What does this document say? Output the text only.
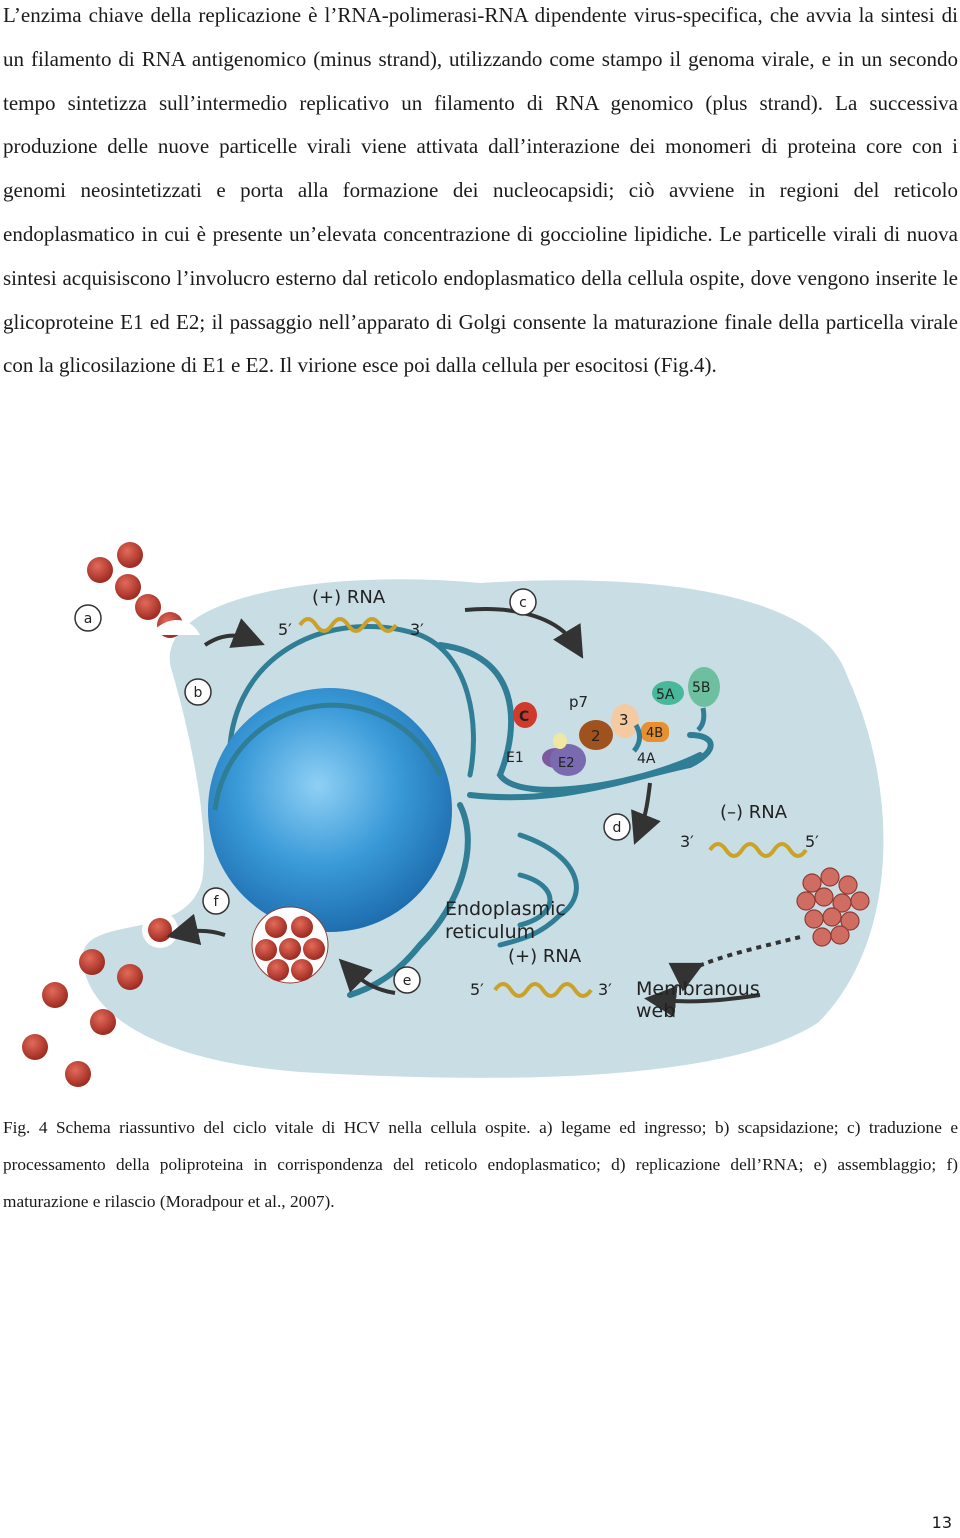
L’enzima chiave della replicazione è l’RNA-polimerasi-RNA dipendente virus-specifica, che avvia la sintesi di un filamento di RNA antigenomico (minus strand), utilizzando come stampo il genoma virale, e in un secondo tempo sintetizza sull’intermedio replicativo un filamento di RNA genomico (plus strand). La successiva produzione delle nuove particelle virali viene attivata dall’interazione dei monomeri di proteina core con i genomi neosintetizzati e porta alla formazione dei nucleocapsidi; ciò avviene in regioni del reticolo endoplasmatico in cui è presente un’elevata concentrazione di goccioline lipidiche. Le particelle virali di nuova sintesi acquisiscono l’involucro esterno dal reticolo endoplasmatico della cellula ospite, dove vengono inserite le glicoproteine E1 ed E2; il passaggio nell’apparato di Golgi consente la maturazione finale della particella virale con la glicosilazione di E1 e E2. Il virione esce poi dalla cellula per esocitosi (Fig.4).

a
b
c
d
e
f
(+) RNA
5′	3′
(–) RNA
3′	5′
(+) RNA
5′	3′
C
p7
2
3
5A 5B
4B
4A
E1	E2
Endoplasmic
reticulum
Membranous
web

Fig. 4 Schema riassuntivo del ciclo vitale di HCV nella cellula ospite. a) legame ed ingresso; b) scapsidazione; c) traduzione e processamento della poliproteina in corrispondenza del reticolo endoplasmatico; d) replicazione dell’RNA; e) assemblaggio; f) maturazione e rilascio (Moradpour et al., 2007).

13
